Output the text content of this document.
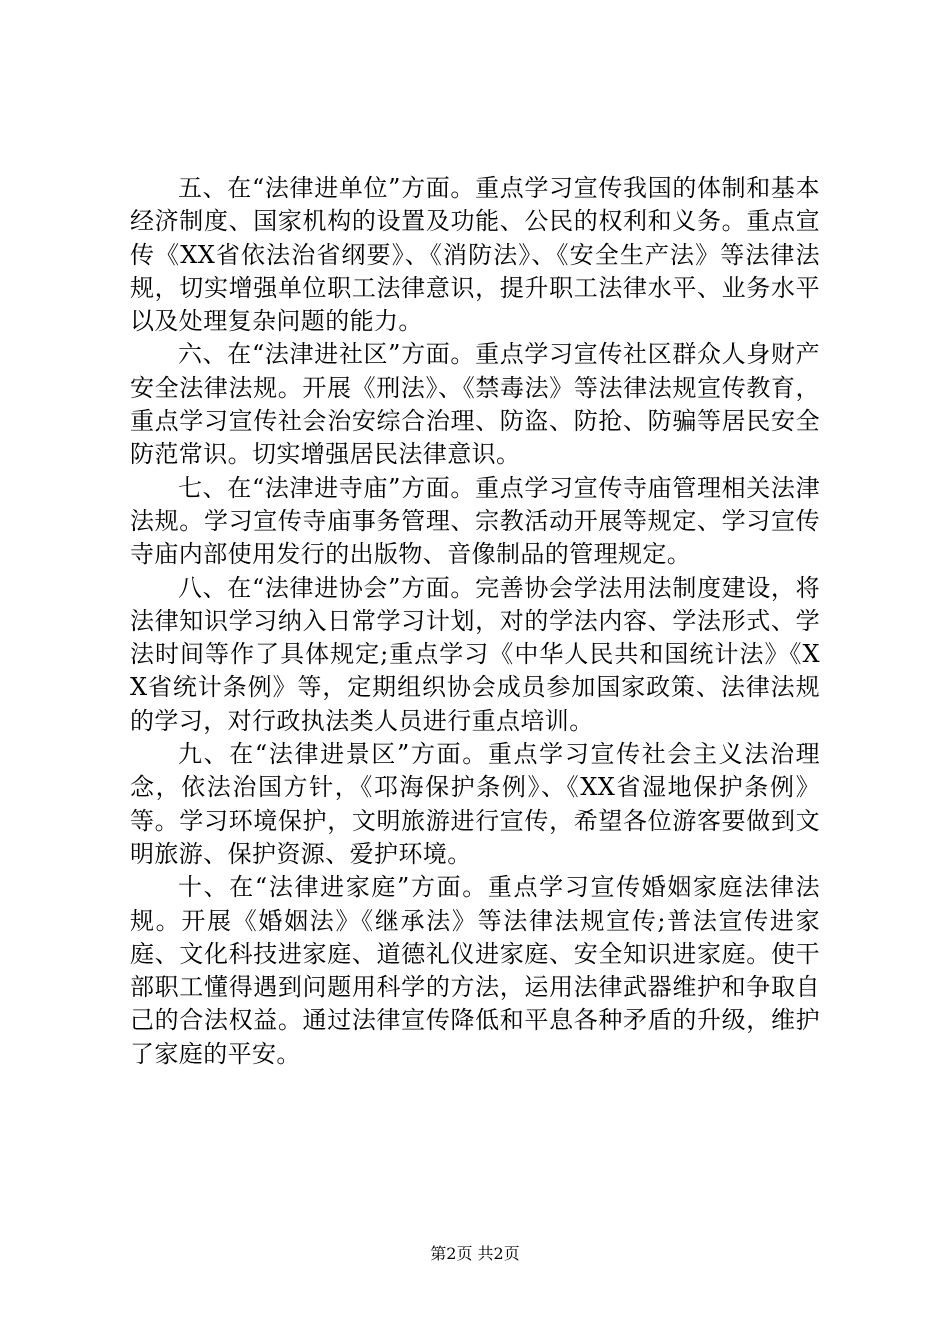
五、在“法律进单位”方面。重点学习宣传我国的体制和基本经济制度、国家机构的设置及功能、公民的权利和义务。重点宣传《XX省依法治省纲要》、《消防法》、《安全生产法》等法律法规，切实增强单位职工法律意识，提升职工法律水平、业务水平以及处理复杂问题的能力。

六、在“法津进社区”方面。重点学习宣传社区群众人身财产安全法律法规。开展《刑法》、《禁毒法》等法律法规宣传教育，重点学习宣传社会治安综合治理、防盗、防抢、防骗等居民安全防范常识。切实增强居民法律意识。

七、在“法津进寺庙”方面。重点学习宣传寺庙管理相关法津法规。学习宣传寺庙事务管理、宗教活动开展等规定、学习宣传寺庙内部使用发行的出版物、音像制品的管理规定。

八、在“法律进协会”方面。完善协会学法用法制度建设，将法律知识学习纳入日常学习计划，对的学法内容、学法形式、学法时间等作了具体规定;重点学习《中华人民共和国统计法》《XX省统计条例》等，定期组织协会成员参加国家政策、法律法规的学习，对行政执法类人员进行重点培训。

九、在“法律进景区”方面。重点学习宣传社会主义法治理念，依法治国方针，《邛海保护条例》、《XX省湿地保护条例》等。学习环境保护，文明旅游进行宣传，希望各位游客要做到文明旅游、保护资源、爱护环境。

十、在“法律进家庭”方面。重点学习宣传婚姻家庭法律法规。开展《婚姻法》《继承法》等法律法规宣传;普法宣传进家庭、文化科技进家庭、道德礼仪进家庭、安全知识进家庭。使干部职工懂得遇到问题用科学的方法，运用法律武器维护和争取自己的合法权益。通过法律宣传降低和平息各种矛盾的升级，维护了家庭的平安。

第2页 共2页
